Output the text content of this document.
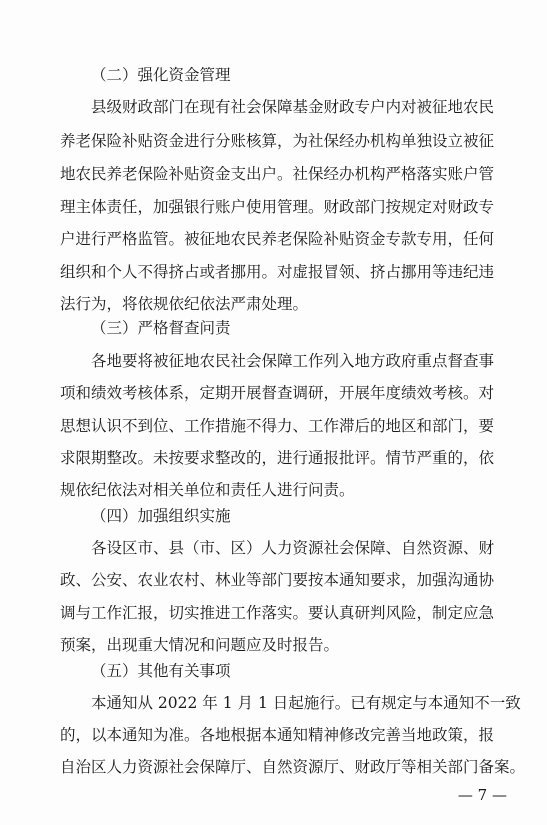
（二）强化资金管理
县级财政部门在现有社会保障基金财政专户内对被征地农民
养老保险补贴资金进行分账核算，为社保经办机构单独设立被征
地农民养老保险补贴资金支出户。社保经办机构严格落实账户管
理主体责任，加强银行账户使用管理。财政部门按规定对财政专
户进行严格监管。被征地农民养老保险补贴资金专款专用，任何
组织和个人不得挤占或者挪用。对虚报冒领、挤占挪用等违纪违
法行为，将依规依纪依法严肃处理。
（三）严格督查问责
各地要将被征地农民社会保障工作列入地方政府重点督查事
项和绩效考核体系，定期开展督查调研，开展年度绩效考核。对
思想认识不到位、工作措施不得力、工作滞后的地区和部门，要
求限期整改。未按要求整改的，进行通报批评。情节严重的，依
规依纪依法对相关单位和责任人进行问责。
（四）加强组织实施
各设区市、县（市、区）人力资源社会保障、自然资源、财
政、公安、农业农村、林业等部门要按本通知要求，加强沟通协
调与工作汇报，切实推进工作落实。要认真研判风险，制定应急
预案，出现重大情况和问题应及时报告。
（五）其他有关事项
本通知从 2022 年 1 月 1 日起施行。已有规定与本通知不一致
的，以本通知为准。各地根据本通知精神修改完善当地政策，报
自治区人力资源社会保障厅、自然资源厅、财政厅等相关部门备案。
— 7 —
